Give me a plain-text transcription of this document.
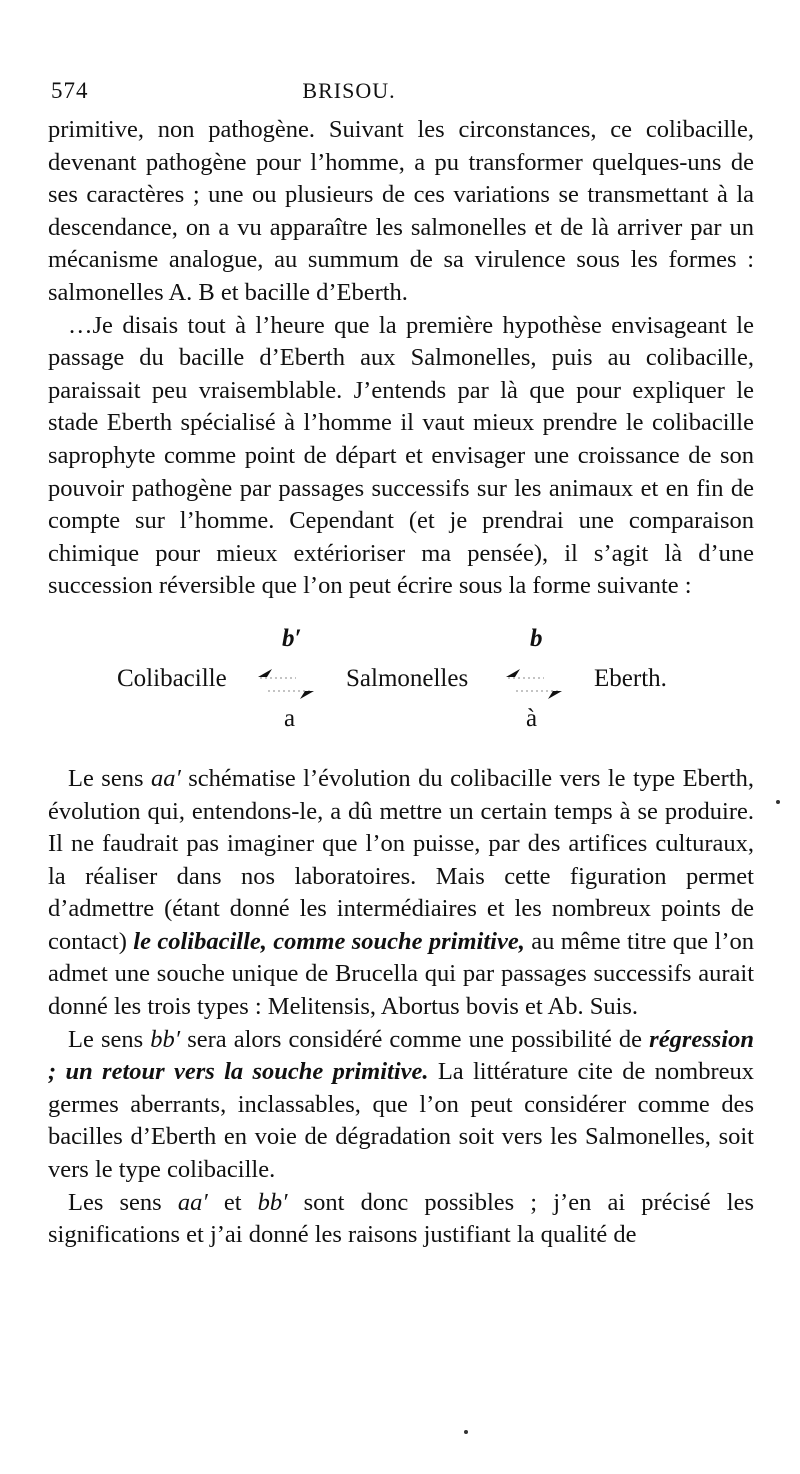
574	BRISOU.

primitive, non pathogène. Suivant les circonstances, ce colibacille, devenant pathogène pour l’homme, a pu transformer quelques-uns de ses caractères ; une ou plusieurs de ces variations se transmettant à la descendance, on a vu apparaître les salmonelles et de là arriver par un mécanisme analogue, au summum de sa virulence sous les formes : salmonelles A. B et bacille d’Eberth.

…Je disais tout à l’heure que la première hypothèse envisageant le passage du bacille d’Eberth aux Salmonelles, puis au colibacille, paraissait peu vraisemblable. J’entends par là que pour expliquer le stade Eberth spécialisé à l’homme il vaut mieux prendre le colibacille saprophyte comme point de départ et envisager une croissance de son pouvoir pathogène par passages successifs sur les animaux et en fin de compte sur l’homme. Cependant (et je prendrai une comparaison chimique pour mieux extérioriser ma pensée), il s’agit là d’une succession réversible que l’on peut écrire sous la forme suivante :

b′	b
Colibacille	Salmonelles	Eberth.
a	à

Le sens aa′ schématise l’évolution du colibacille vers le type Eberth, évolution qui, entendons-le, a dû mettre un certain temps à se produire. Il ne faudrait pas imaginer que l’on puisse, par des artifices culturaux, la réaliser dans nos laboratoires. Mais cette figuration permet d’admettre (étant donné les intermédiaires et les nombreux points de contact) le colibacille, comme souche primitive, au même titre que l’on admet une souche unique de Brucella qui par passages successifs aurait donné les trois types : Melitensis, Abortus bovis et Ab. Suis.

Le sens bb′ sera alors considéré comme une possibilité de régression ; un retour vers la souche primitive. La littérature cite de nombreux germes aberrants, inclassables, que l’on peut considérer comme des bacilles d’Eberth en voie de dégradation soit vers les Salmonelles, soit vers le type colibacille.

Les sens aa′ et bb′ sont donc possibles ; j’en ai précisé les significations et j’ai donné les raisons justifiant la qualité de
